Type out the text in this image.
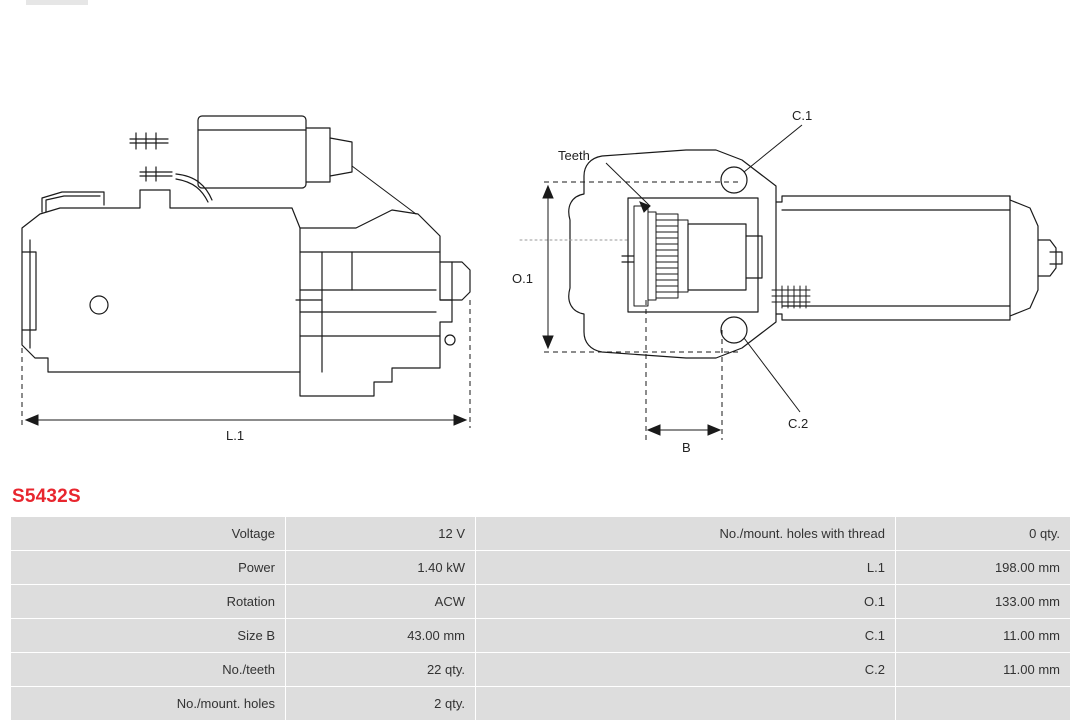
L.1
O.1
B
Teeth
C.1
C.2
S5432S
Voltage	12 V	No./mount. holes with thread	0 qty.
Power	1.40 kW	L.1	198.00 mm
Rotation	ACW	O.1	133.00 mm
Size B	43.00 mm	C.1	11.00 mm
No./teeth	22 qty.	C.2	11.00 mm
No./mount. holes	2 qty.		
